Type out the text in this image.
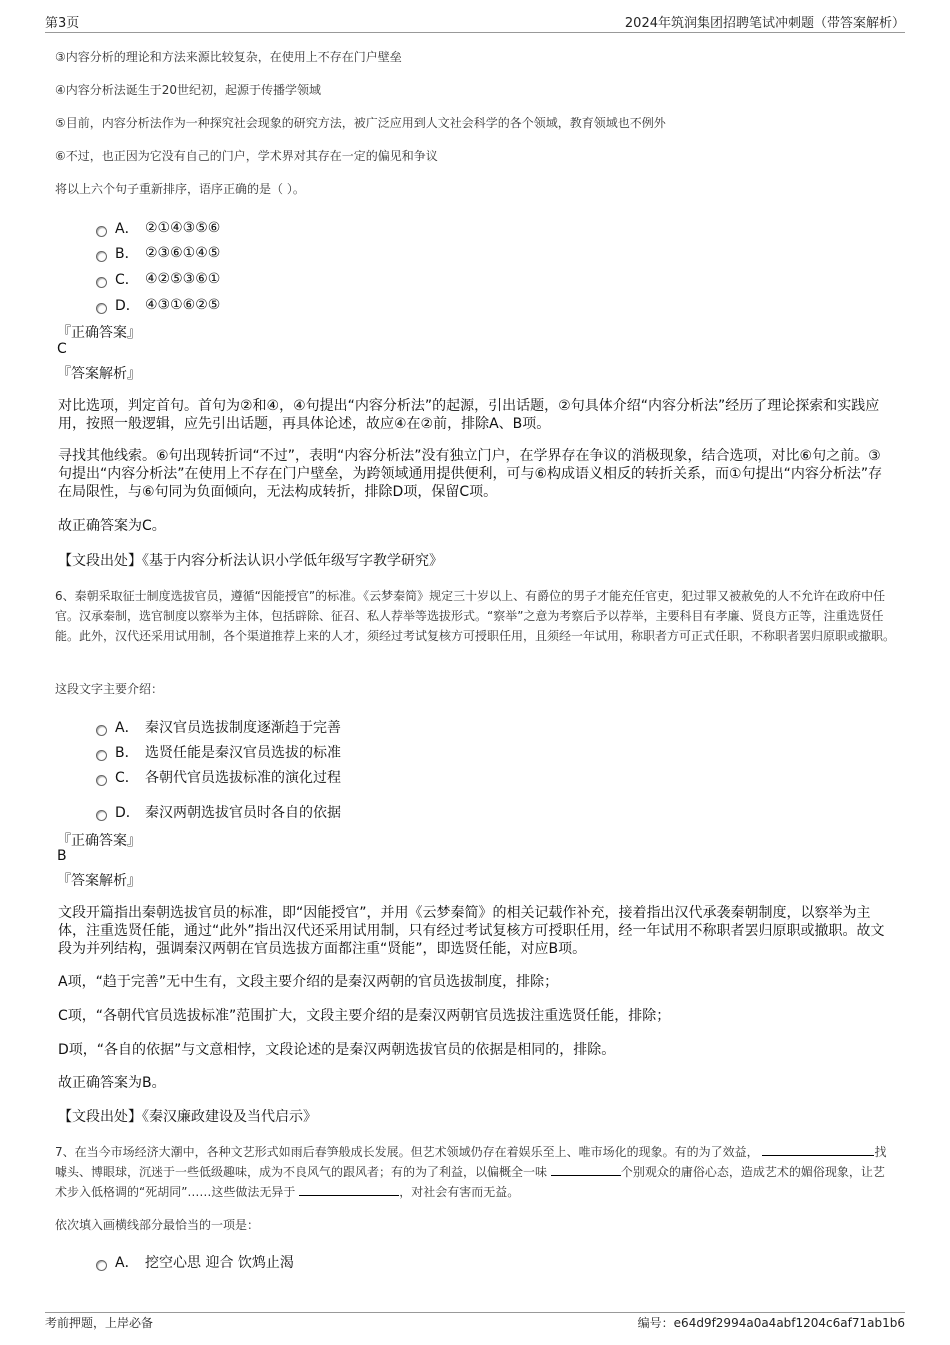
第3页	2024年筑润集团招聘笔试冲刺题（带答案解析）
③内容分析的理论和方法来源比较复杂，在使用上不存在门户壁垒
④内容分析法诞生于20世纪初，起源于传播学领域
⑤目前，内容分析法作为一种探究社会现象的研究方法，被广泛应用到人文社会科学的各个领域，教育领域也不例外
⑥不过，也正因为它没有自己的门户，学术界对其存在一定的偏见和争议
将以上六个句子重新排序，语序正确的是（ ）。
A． ②①④③⑤⑥
B． ②③⑥①④⑤
C． ④②⑤③⑥①
D． ④③①⑥②⑤
『正确答案』
C
『答案解析』
对比选项，判定首句。首句为②和④，④句提出“内容分析法”的起源，引出话题，②句具体介绍“内容分析法”经历了理论探索和实践应用，按照一般逻辑，应先引出话题，再具体论述，故应④在②前，排除A、B项。
寻找其他线索。⑥句出现转折词“不过”，表明“内容分析法”没有独立门户，在学界存在争议的消极现象，结合选项，对比⑥句之前。③句提出“内容分析法”在使用上不存在门户壁垒，为跨领域通用提供便利，可与⑥构成语义相反的转折关系，而①句提出“内容分析法”存在局限性，与⑥句同为负面倾向，无法构成转折，排除D项，保留C项。
故正确答案为C。
【文段出处】《基于内容分析法认识小学低年级写字教学研究》
6、秦朝采取征士制度选拔官员，遵循“因能授官”的标准。《云梦秦简》规定三十岁以上、有爵位的男子才能充任官吏，犯过罪又被赦免的人不允许在政府中任官。汉承秦制，选官制度以察举为主体，包括辟除、征召、私人荐举等选拔形式。“察举”之意为考察后予以荐举，主要科目有孝廉、贤良方正等，注重选贤任能。此外，汉代还采用试用制，各个渠道推荐上来的人才，须经过考试复核方可授职任用，且须经一年试用，称职者方可正式任职，不称职者罢归原职或撤职。
这段文字主要介绍：
A． 秦汉官员选拔制度逐渐趋于完善
B． 选贤任能是秦汉官员选拔的标准
C． 各朝代官员选拔标准的演化过程
D． 秦汉两朝选拔官员时各自的依据
『正确答案』
B
『答案解析』
文段开篇指出秦朝选拔官员的标准，即“因能授官”，并用《云梦秦简》的相关记载作补充，接着指出汉代承袭秦朝制度，以察举为主体，注重选贤任能，通过“此外”指出汉代还采用试用制，只有经过考试复核方可授职任用，经一年试用不称职者罢归原职或撤职。故文段为并列结构，强调秦汉两朝在官员选拔方面都注重“贤能”，即选贤任能，对应B项。
A项，“趋于完善”无中生有，文段主要介绍的是秦汉两朝的官员选拔制度，排除；
C项，“各朝代官员选拔标准”范围扩大，文段主要介绍的是秦汉两朝官员选拔注重选贤任能，排除；
D项，“各自的依据”与文意相悖，文段论述的是秦汉两朝选拔官员的依据是相同的，排除。
故正确答案为B。
【文段出处】《秦汉廉政建设及当代启示》
7、在当今市场经济大潮中，各种文艺形式如雨后春笋般成长发展。但艺术领域仍存在着娱乐至上、唯市场化的现象。有的为了效益，	找噱头、博眼球，沉迷于一些低级趣味，成为不良风气的跟风者；有的为了利益，以偏概全一味	个别观众的庸俗心态，造成艺术的媚俗现象，让艺术步入低格调的“死胡同”……这些做法无异于	，对社会有害而无益。
依次填入画横线部分最恰当的一项是：
A． 挖空心思 迎合 饮鸩止渴
考前押题，上岸必备	编号：e64d9f2994a0a4abf1204c6af71ab1b6
